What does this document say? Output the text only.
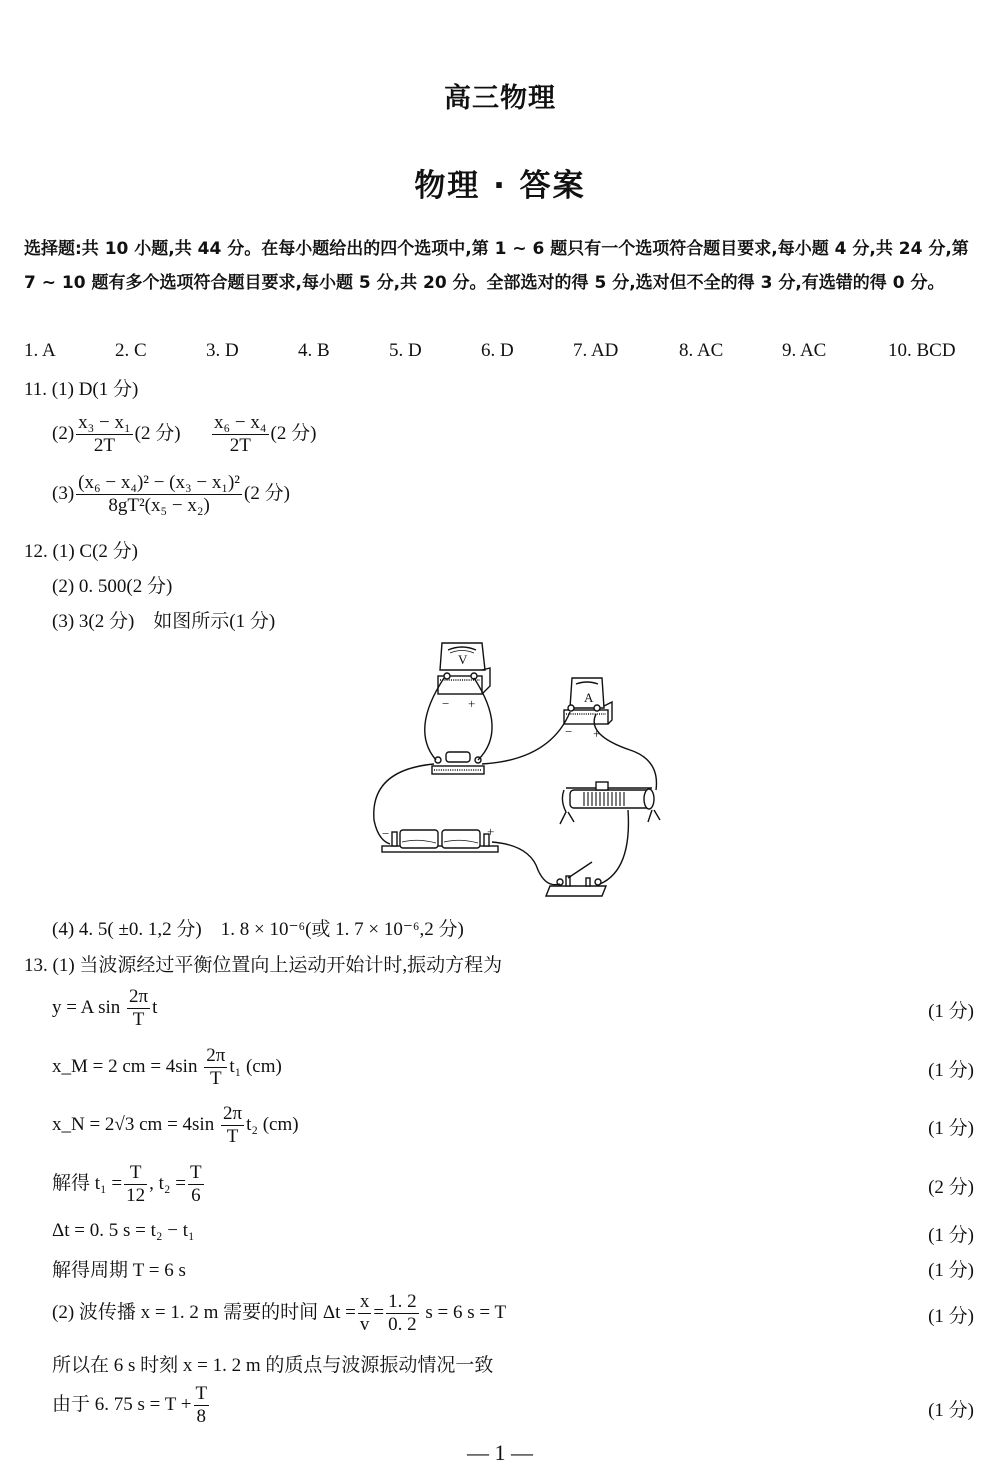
高三物理
物理 · 答案
选择题:共 10 小题,共 44 分。在每小题给出的四个选项中,第 1 ~ 6 题只有一个选项符合题目要求,每小题 4 分,共 24 分,第 7 ~ 10 题有多个选项符合题目要求,每小题 5 分,共 20 分。全部选对的得 5 分,选对但不全的得 3 分,有选错的得 0 分。
1. A	2. C	3. D	4. B	5. D	6. D	7. AD	8. AC	9. AC	10. BCD
11. (1) D(1 分)
$(2) \frac{\text{x₃ − x₁}}{2T} (2$ 分) $\frac{\text{x₆ − x₄}}{2T} (2$ 分)
$(3) \frac{\text{(x₆ − x₄)² − (x₃ − x₁)²}}{\text{8gT²(x₅ − x₂)}} (2$ 分)
12. (1) C(2 分)
(2) 0. 500(2 分)
(3) 3(2 分)　如图所示(1 分)
V
A
− +
− +
−	+
(4) 4. 5( ±0. 1,2 分)　1. 8 × 10⁻⁶(或 1. 7 × 10⁻⁶,2 分)
13. (1) 当波源经过平衡位置向上运动开始计时,振动方程为
y = A $\sin \frac{2\pi}{T}$ t	(1 分)
x_M = 2 cm = $4\sin \frac{2\pi}{T} t_1$ (cm)	(1 分)
x_N = 2√3 cm = $4\sin \frac{2\pi}{T} t_2$ (cm)	(1 分)
解得 $t_1 = \frac{T}{12}$ , $t_2 = \frac{T}{6}$	(2 分)
Δt = 0. 5 s = t₂ − t₁	(1 分)
解得周期 T = 6 s	(1 分)
(2) 波传播 x = 1. 2 m 需要的时间 $\Delta t = \frac{x}{v} = \frac{1. 2}{0. 2}$ s = 6 s = T	(1 分)
所以在 6 s 时刻 x = 1. 2 m 的质点与波源振动情况一致
由于 6. 75 $s = T + \frac{T}{8}$	(1 分)
— 1 —
